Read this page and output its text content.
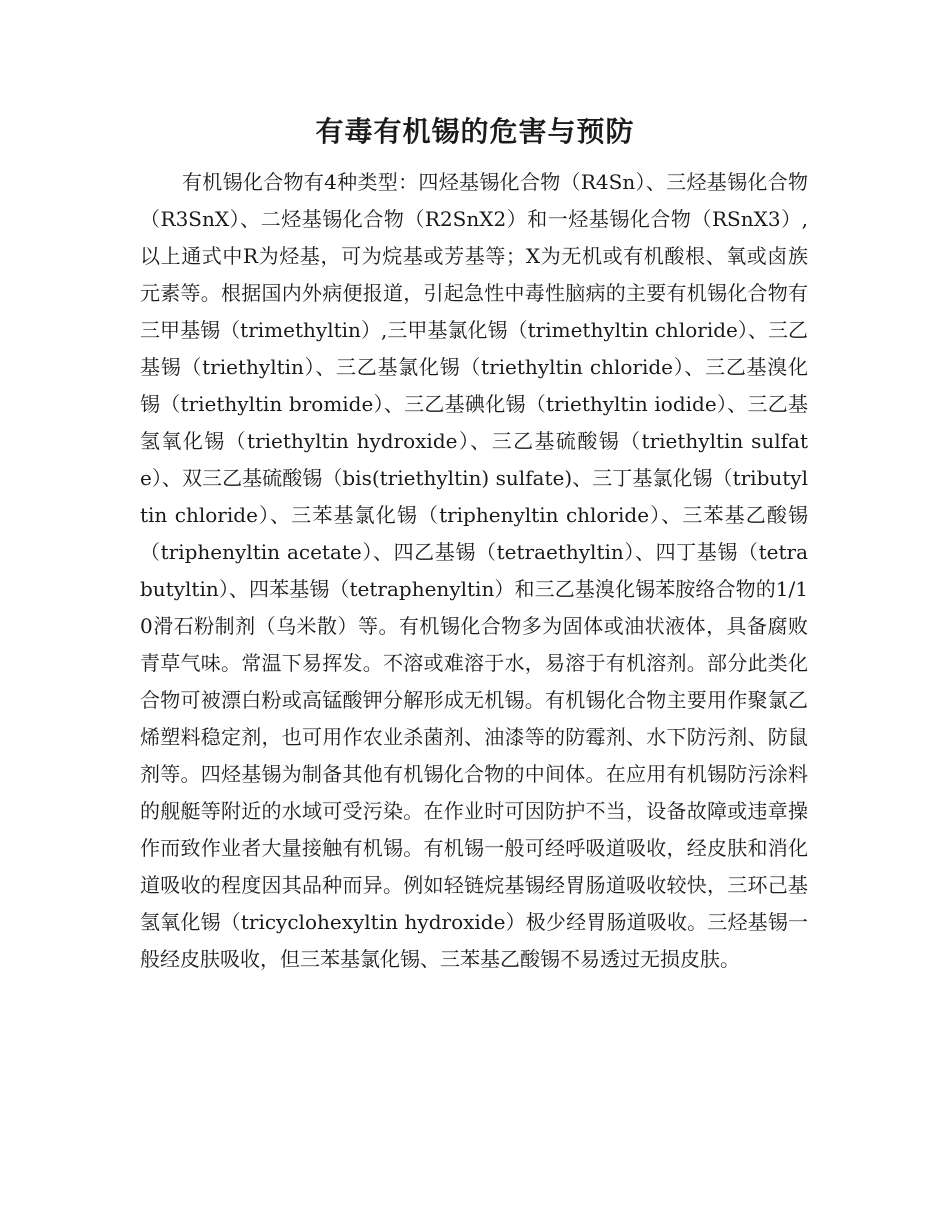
有毒有机锡的危害与预防

有机锡化合物有4种类型：四烃基锡化合物（R4Sn）、三烃基锡化合物（R3SnX）、二烃基锡化合物（R2SnX2）和一烃基锡化合物（RSnX3）,以上通式中R为烃基，可为烷基或芳基等；X为无机或有机酸根、氧或卤族元素等。根据国内外病便报道，引起急性中毒性脑病的主要有机锡化合物有三甲基锡（trimethyltin）,三甲基氯化锡（trimethyltin chloride）、三乙基锡（triethyltin）、三乙基氯化锡（triethyltin chloride）、三乙基溴化锡（triethyltin bromide）、三乙基碘化锡（triethyltin iodide）、三乙基氢氧化锡（triethyltin hydroxide）、三乙基硫酸锡（triethyltin sulfate）、双三乙基硫酸锡（bis(triethyltin) sulfate)、三丁基氯化锡（tributyltin chloride）、三苯基氯化锡（triphenyltin chloride）、三苯基乙酸锡（triphenyltin acetate）、四乙基锡（tetraethyltin）、四丁基锡（tetrabutyltin）、四苯基锡（tetraphenyltin）和三乙基溴化锡苯胺络合物的1/10滑石粉制剂（乌米散）等。有机锡化合物多为固体或油状液体，具备腐败青草气味。常温下易挥发。不溶或难溶于水，易溶于有机溶剂。部分此类化合物可被漂白粉或高锰酸钾分解形成无机锡。有机锡化合物主要用作聚氯乙烯塑料稳定剂，也可用作农业杀菌剂、油漆等的防霉剂、水下防污剂、防鼠剂等。四烃基锡为制备其他有机锡化合物的中间体。在应用有机锡防污涂料的舰艇等附近的水域可受污染。在作业时可因防护不当，设备故障或违章操作而致作业者大量接触有机锡。有机锡一般可经呼吸道吸收，经皮肤和消化道吸收的程度因其品种而异。例如轻链烷基锡经胃肠道吸收较快，三环己基氢氧化锡（tricyclohexyltin hydroxide）极少经胃肠道吸收。三烃基锡一般经皮肤吸收，但三苯基氯化锡、三苯基乙酸锡不易透过无损皮肤。
